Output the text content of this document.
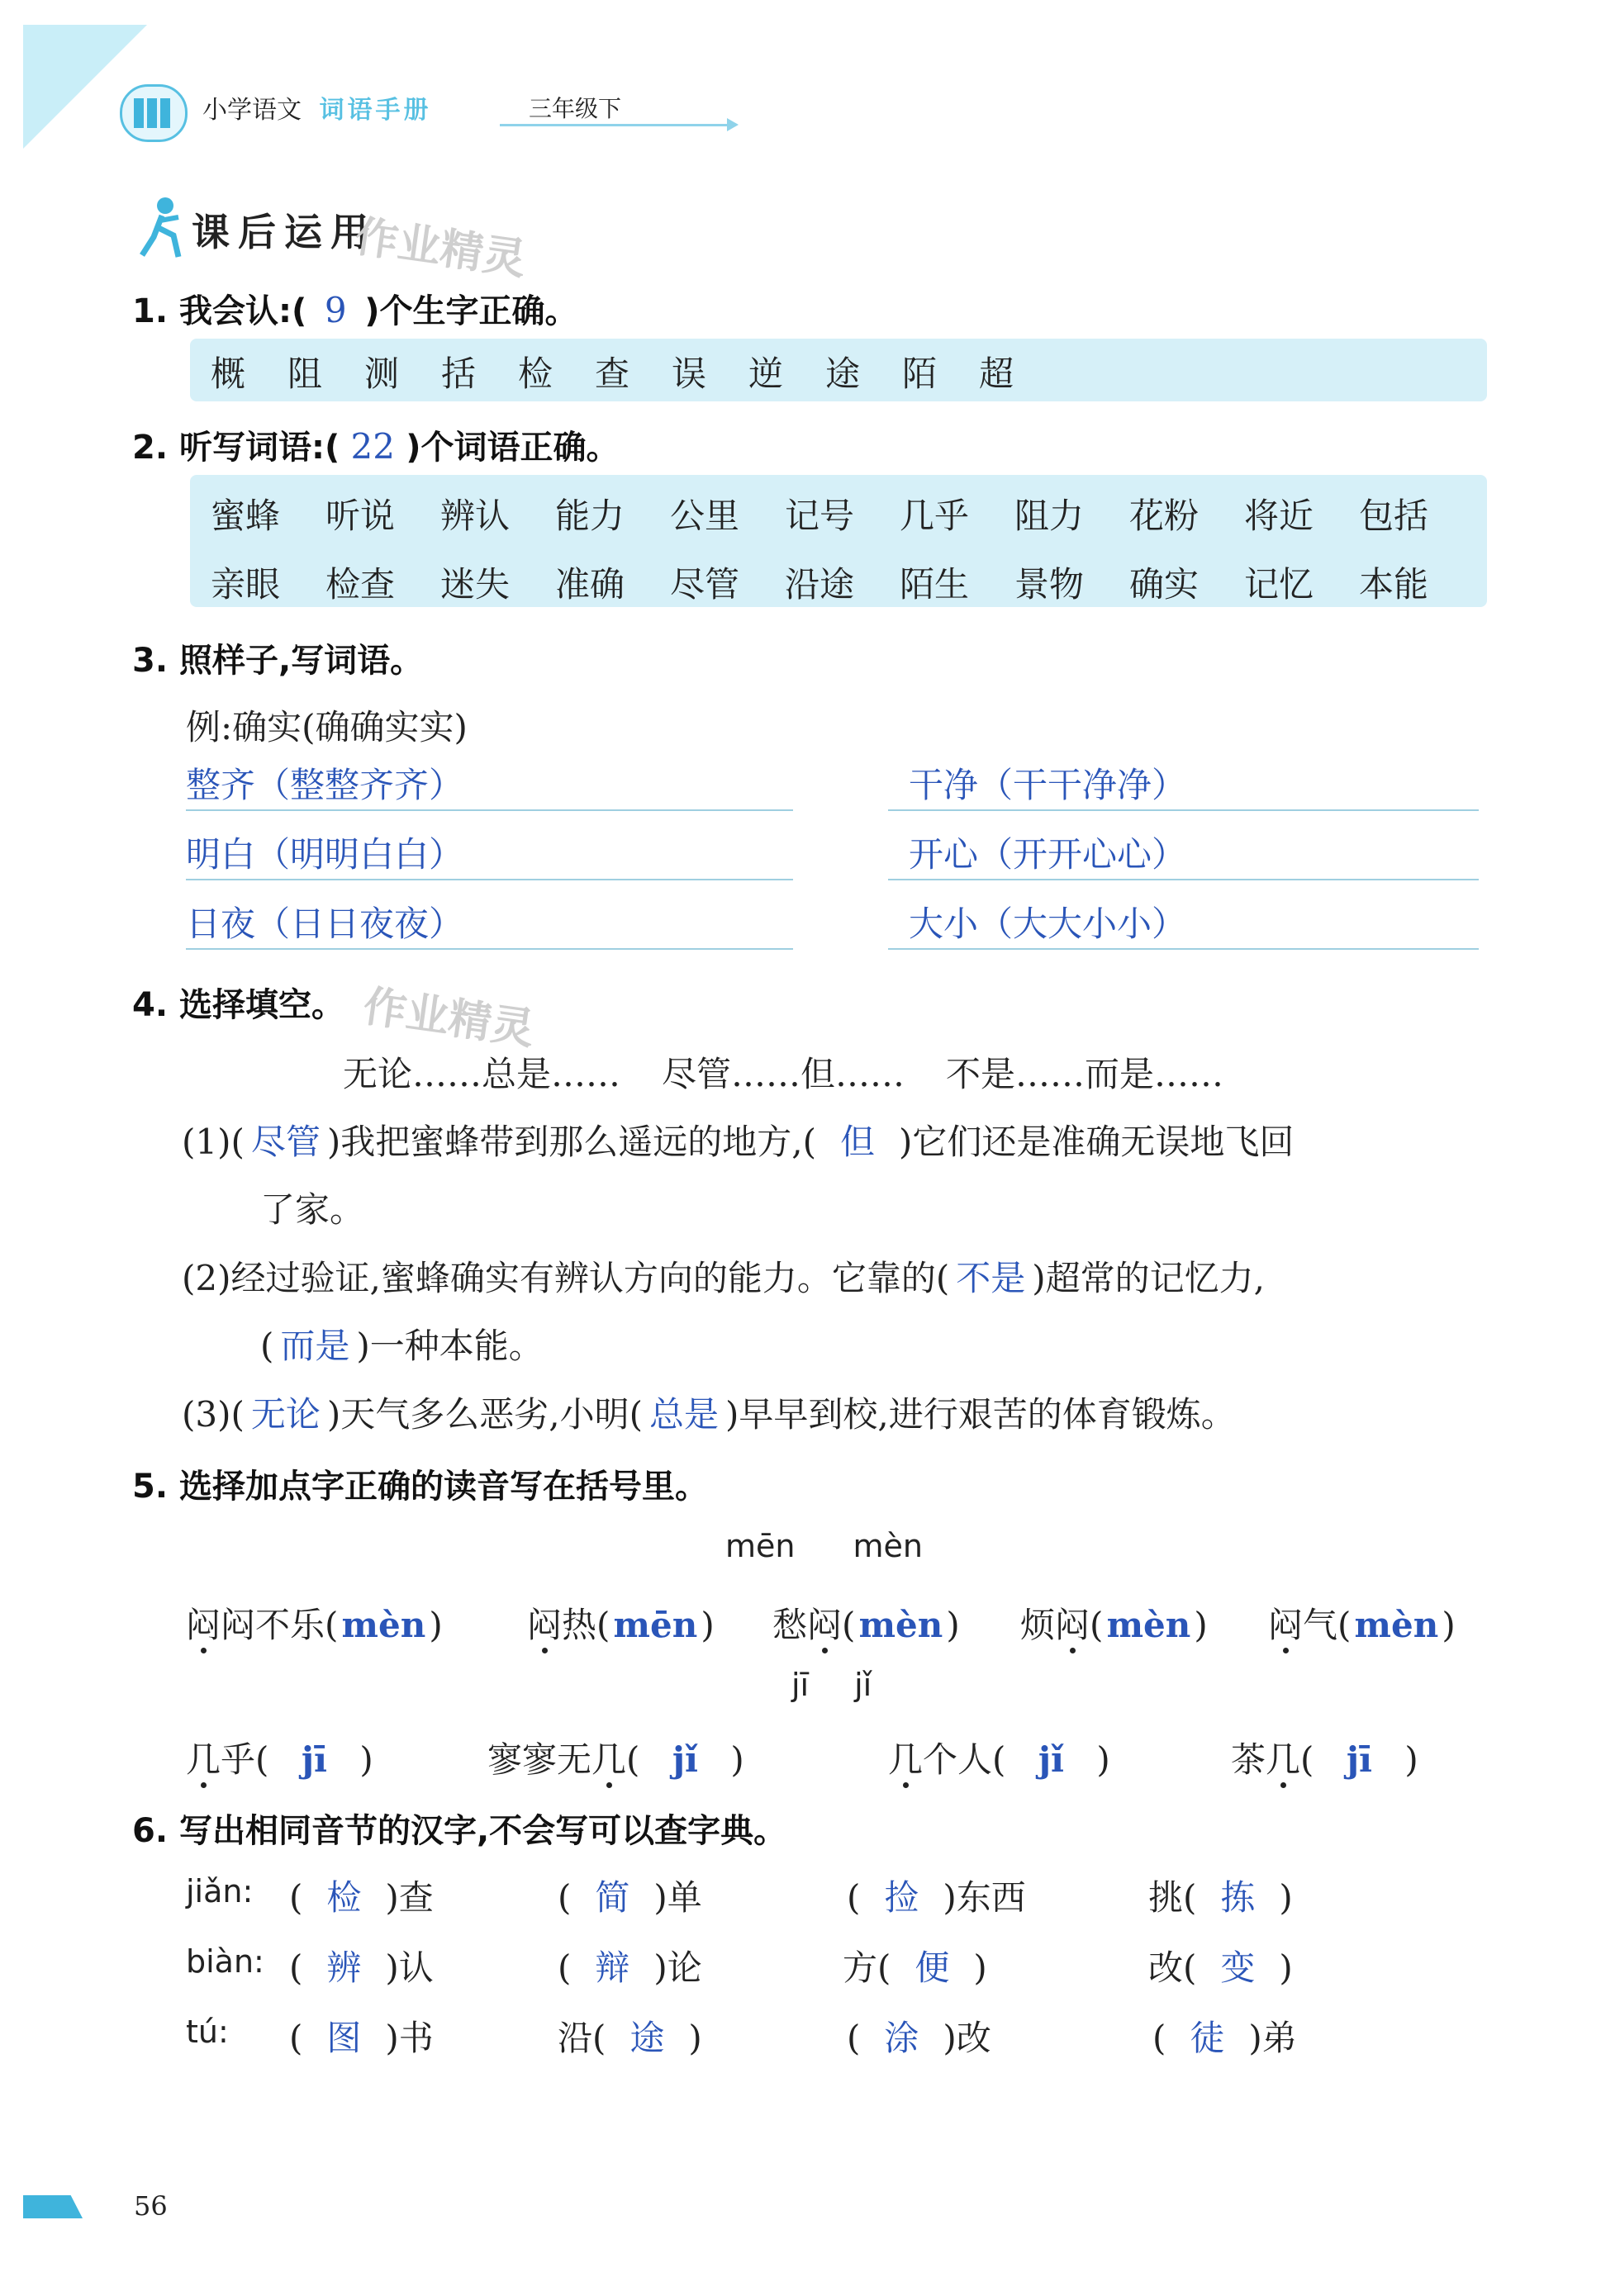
小学语文 词语手册	三年级下
课后运用
作业精灵
1. 我会认:( 9 )个生字正确。
概 阻 测 括 检 查 误 逆 途 陌 超
2. 听写词语:( 22 )个词语正确。
蜜蜂 听说 辨认 能力 公里 记号 几乎 阻力 花粉 将近 包括
亲眼 检查 迷失 准确 尽管 沿途 陌生 景物 确实 记忆 本能
3. 照样子,写词语。
例:确实(确确实实)
整齐（整整齐齐）	干净（干干净净）
明白（明明白白）	开心（开开心心）
日夜（日日夜夜）	大小（大大小小）
4. 选择填空。 作业精灵
无论……总是…… 尽管……但…… 不是……而是……
(1)( 尽管 )我把蜜蜂带到那么遥远的地方,( 但 )它们还是准确无误地飞回
了家。
(2)经过验证,蜜蜂确实有辨认方向的能力。它靠的( 不是 )超常的记忆力,
( 而是 )一种本能。
(3)( 无论 )天气多么恶劣,小明( 总是 )早早到校,进行艰苦的体育锻炼。
5. 选择加点字正确的读音写在括号里。
mēn mèn
闷闷不乐(mèn) 闷热(mēn) 愁闷(mèn) 烦闷(mèn) 闷气(mèn)
jī jǐ
几乎( jī )	寥寥无几( jǐ )	几个人( jǐ )	茶几( jī )
6. 写出相同音节的汉字,不会写可以查字典。
jiǎn: ( 检 )查	( 简 )单	( 捡 )东西	挑( 拣 )
biàn: ( 辨 )认	( 辩 )论	方( 便 )	改( 变 )
tú: ( 图 )书	沿( 途 )	( 涂 )改	( 徒 )弟
56
